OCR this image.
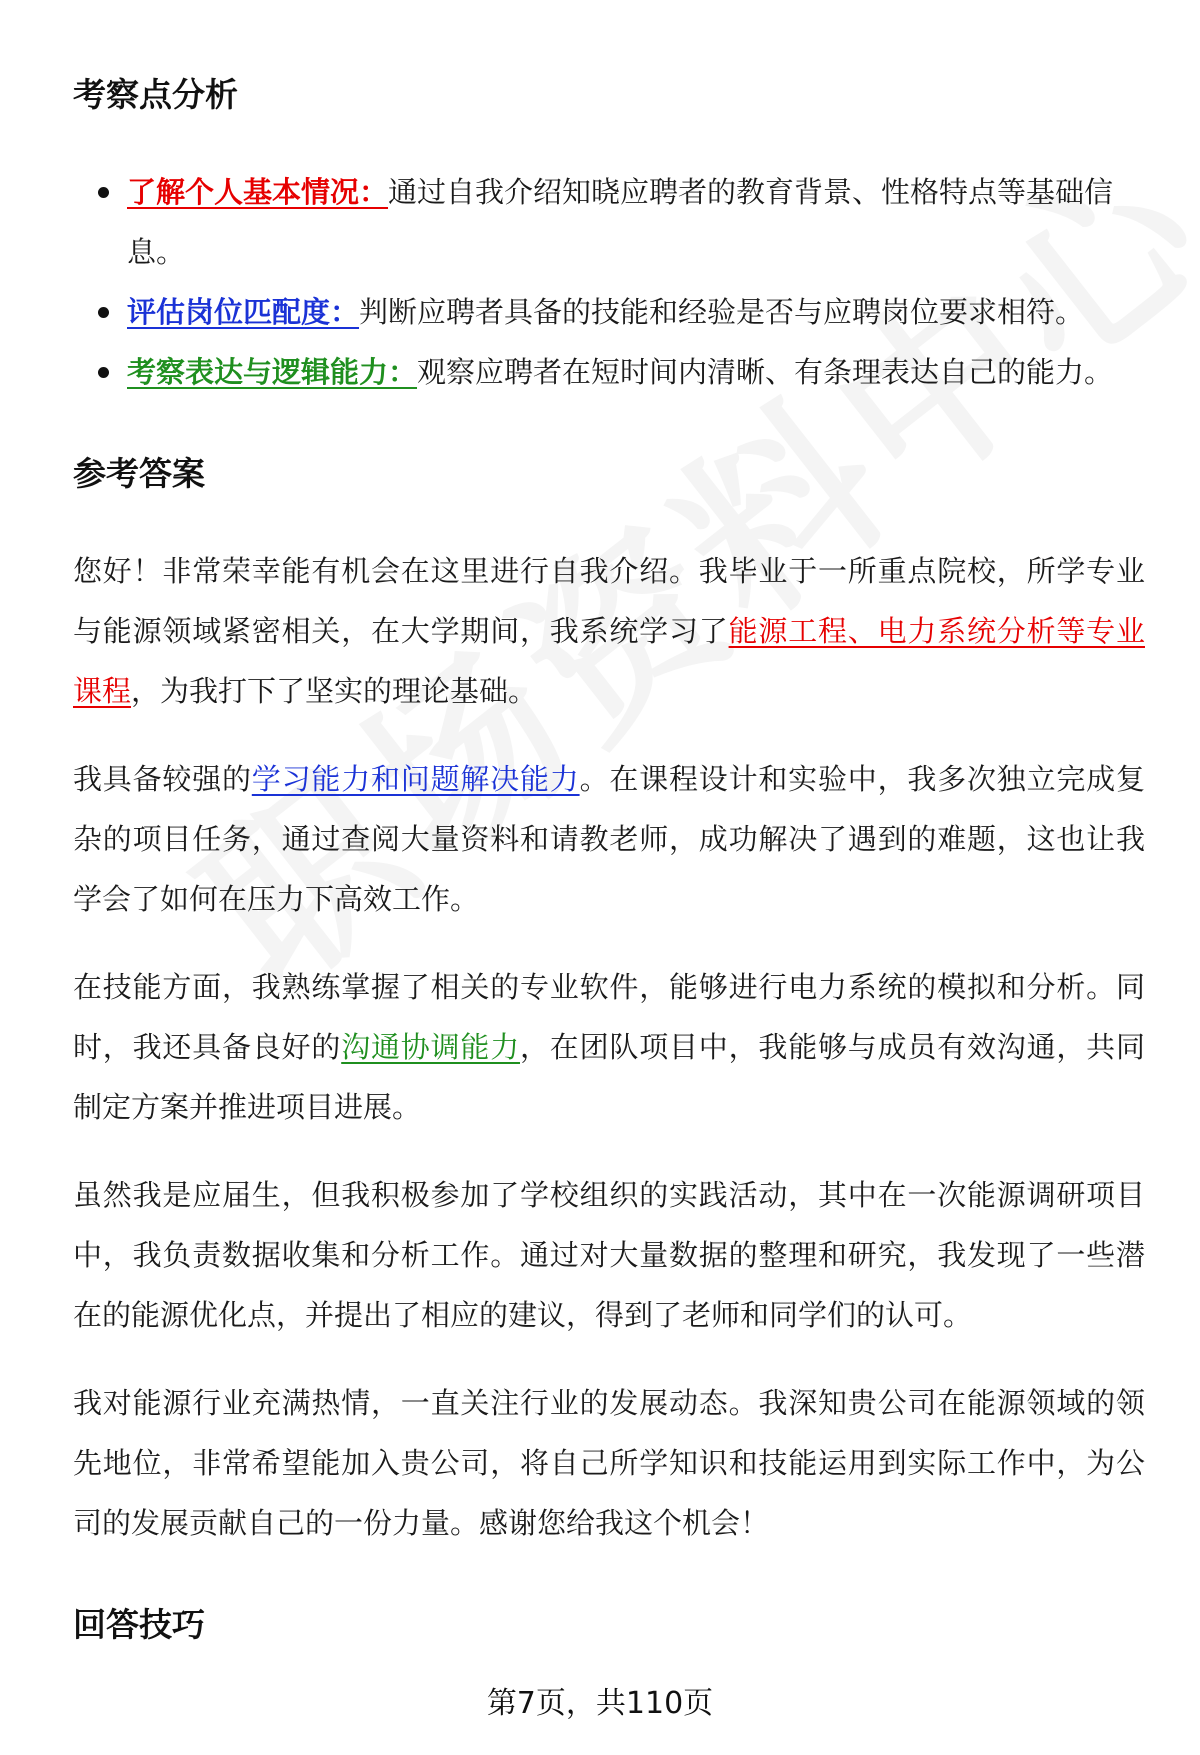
考察点分析
了解个人基本情况：通过自我介绍知晓应聘者的教育背景、性格特点等基础信息。
评估岗位匹配度：判断应聘者具备的技能和经验是否与应聘岗位要求相符。
考察表达与逻辑能力：观察应聘者在短时间内清晰、有条理表达自己的能力。
参考答案

您好！非常荣幸能有机会在这里进行自我介绍。我毕业于一所重点院校，所学专业与能源领域紧密相关，在大学期间，我系统学习了能源工程、电力系统分析等专业课程，为我打下了坚实的理论基础。

我具备较强的学习能力和问题解决能力。在课程设计和实验中，我多次独立完成复杂的项目任务，通过查阅大量资料和请教老师，成功解决了遇到的难题，这也让我学会了如何在压力下高效工作。

在技能方面，我熟练掌握了相关的专业软件，能够进行电力系统的模拟和分析。同时，我还具备良好的沟通协调能力，在团队项目中，我能够与成员有效沟通，共同制定方案并推进项目进展。

虽然我是应届生，但我积极参加了学校组织的实践活动，其中在一次能源调研项目中，我负责数据收集和分析工作。通过对大量数据的整理和研究，我发现了一些潜在的能源优化点，并提出了相应的建议，得到了老师和同学们的认可。

我对能源行业充满热情，一直关注行业的发展动态。我深知贵公司在能源领域的领先地位，非常希望能加入贵公司，将自己所学知识和技能运用到实际工作中，为公司的发展贡献自己的一份力量。感谢您给我这个机会！

回答技巧
第7页，共110页
